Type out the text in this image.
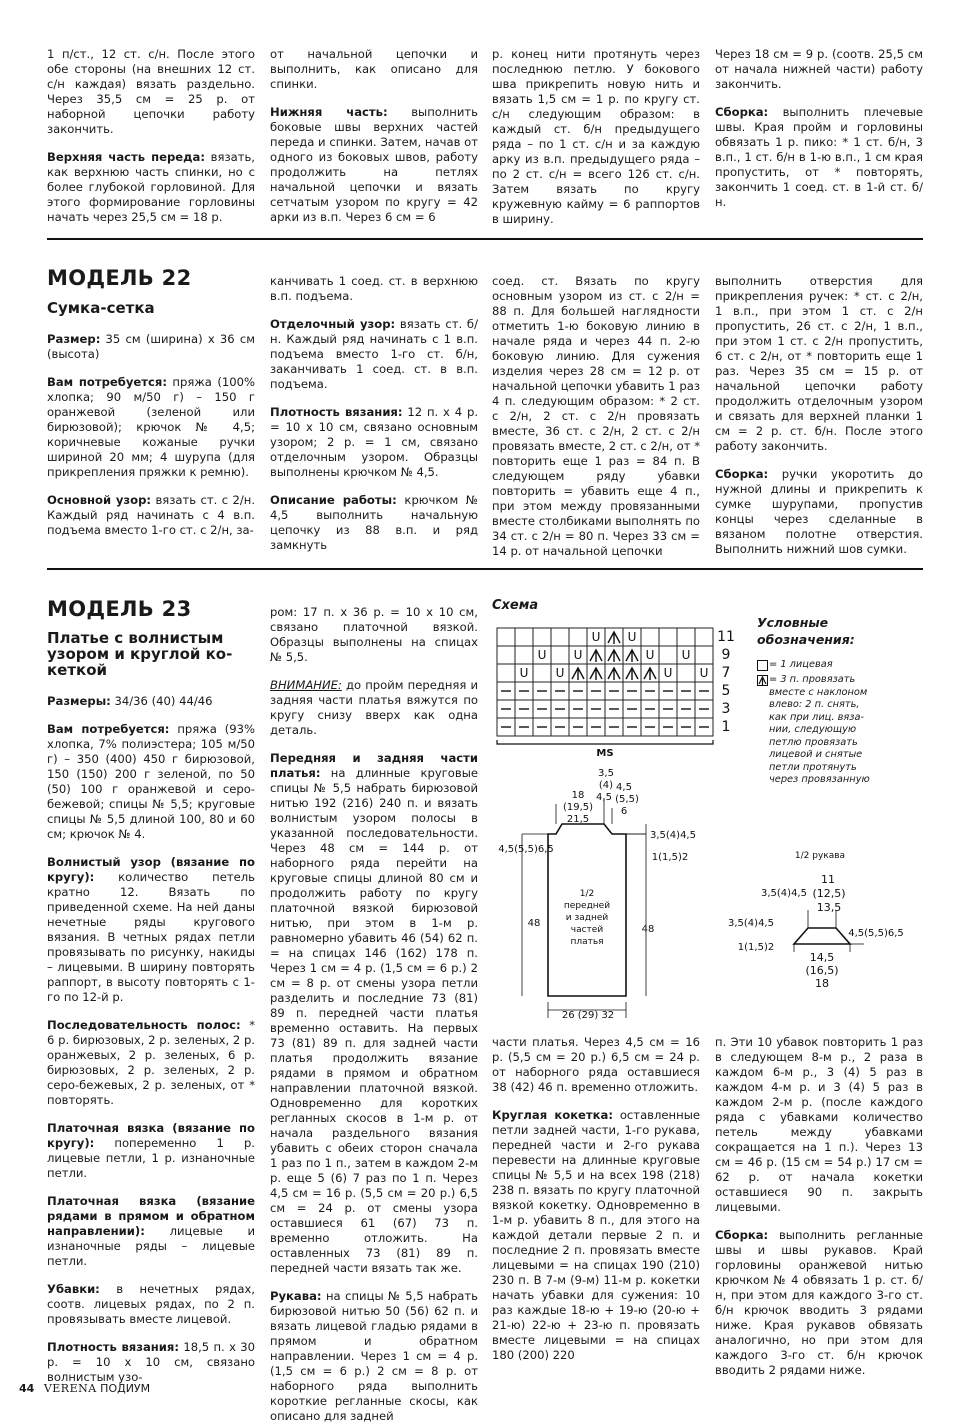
1 п/ст., 12 ст. с/н. После этого обе стороны (на внешних 12 ст. с/н каждая) вязать раздельно. Через 35,5 см = 25 р. от наборной цепочки работу закончить.

Верхняя часть переда: вязать, как верхнюю часть спинки, но с более глубокой горловиной. Для этого формирование горловины начать через 25,5 см = 18 р.

от начальной цепочки и выполнить, как описано для спинки.

Нижняя часть: выполнить боковые швы верхних частей переда и спинки. Затем, начав от одного из боковых швов, работу продолжить на петлях начальной цепочки и вязать сетчатым узором по кругу = 42 арки из в.п. Через 6 см = 6

р. конец нити протянуть через последнюю петлю. У бокового шва прикрепить новую нить и вязать 1,5 см = 1 р. по кругу ст. с/н следующим образом: в каждый ст. б/н предыдущего ряда – по 1 ст. с/н и за каждую арку из в.п. предыдущего ряда – по 2 ст. с/н = всего 126 ст. с/н. Затем вязать по кругу кружевную кайму = 6 раппортов в ширину.

Через 18 см = 9 р. (соотв. 25,5 см от начала нижней части) работу закончить.

Сборка: выполнить плечевые швы. Края пройм и горловины обвязать 1 р. пико: * 1 ст. б/н, 3 в.п., 1 ст. б/н в 1-ю в.п., 1 см края пропустить, от * повторять, закончить 1 соед. ст. в 1-й ст. б/н.

МОДЕЛЬ 22
Сумка-сетка

Размер: 35 см (ширина) х 36 см (высота)

Вам потребуется: пряжа (100% хлопка; 90 м/50 г) – 150 г оранжевой (зеленой или бирюзовой); крючок № 4,5; коричневые кожаные ручки шириной 20 мм; 4 шурупа (для прикрепления пряжки к ремню).

Основной узор: вязать ст. с 2/н. Каждый ряд начинать с 4 в.п. подъема вместо 1-го ст. с 2/н, за-

канчивать 1 соед. ст. в верхнюю в.п. подъема.

Отделочный узор: вязать ст. б/н. Каждый ряд начинать с 1 в.п. подъема вместо 1-го ст. б/н, заканчивать 1 соед. ст. в в.п. подъема.

Плотность вязания: 12 п. х 4 р. = 10 х 10 см, связано основным узором; 2 р. = 1 см, связано отделочным узором. Образцы выполнены крючком № 4,5.

Описание работы: крючком № 4,5 выполнить начальную цепочку из 88 в.п. и ряд замкнуть

соед. ст. Вязать по кругу основным узором из ст. с 2/н = 88 п. Для большей наглядности отметить 1-ю боковую линию в начале ряда и через 44 п. 2-ю боковую линию. Для сужения изделия через 28 см = 12 р. от начальной цепочки убавить 1 раз 4 п. следующим образом: * 2 ст. с 2/н, 2 ст. с 2/н провязать вместе, 36 ст. с 2/н, 2 ст. с 2/н провязать вместе, 2 ст. с 2/н, от * повторить еще 1 раз = 84 п. В следующем ряду убавки повторить = убавить еще 4 п., при этом между провязанными вместе столбиками выполнять по 34 ст. с 2/н = 80 п. Через 33 см = 14 р. от начальной цепочки

выполнить отверстия для прикрепления ручек: * ст. с 2/н, 1 в.п., при этом 1 ст. с 2/н пропустить, 26 ст. с 2/н, 1 в.п., при этом 1 ст. с 2/н пропустить, 6 ст. с 2/н, от * повторить еще 1 раз. Через 35 см = 15 р. от начальной цепочки работу продолжить отделочным узором и связать для верхней планки 1 см = 2 р. ст. б/н. После этого работу закончить.

Сборка: ручки укоротить до нужной длины и прикрепить к сумке шурупами, пропустив концы через сделанные в вязаном полотне отверстия. Выполнить нижний шов сумки.

МОДЕЛЬ 23
Платье с волнистым
узором и круглой ко-
кеткой

Размеры: 34/36 (40) 44/46

Вам потребуется: пряжа (93% хлопка, 7% полиэстера; 105 м/50 г) – 350 (400) 450 г бирюзовой, 150 (150) 200 г зеленой, по 50 (50) 100 г оранжевой и серо-бежевой; спицы № 5,5; круговые спицы № 5,5 длиной 100, 80 и 60 см; крючок № 4.

Волнистый узор (вязание по кругу): количество петель кратно 12. Вязать по приведенной схеме. На ней даны нечетные ряды кругового вязания. В четных рядах петли провязывать по рисунку, накиды – лицевыми. В ширину повторять раппорт, в высоту повторять с 1-го по 12-й р.

Последовательность полос: * 6 р. бирюзовых, 2 р. зеленых, 2 р. оранжевых, 2 р. зеленых, 6 р. бирюзовых, 2 р. зеленых, 2 р. серо-бежевых, 2 р. зеленых, от * повторять.

Платочная вязка (вязание по кругу): попеременно 1 р. лицевые петли, 1 р. изнаночные петли.

Платочная вязка (вязание рядами в прямом и обратном направлении): лицевые и изнаночные ряды – лицевые петли.

Убавки: в нечетных рядах, соотв. лицевых рядах, по 2 п. провязывать вместе лицевой.

Плотность вязания: 18,5 п. х 30 р. = 10 х 10 см, связано волнистым узо-

ром: 17 п. х 36 р. = 10 х 10 см, связано платочной вязкой. Образцы выполнены на спицах № 5,5.

ВНИМАНИЕ: до пройм передняя и задняя части платья вяжутся по кругу снизу вверх как одна деталь.

Передняя и задняя части платья: на длинные круговые спицы № 5,5 набрать бирюзовой нитью 192 (216) 240 п. и вязать волнистым узором полосы в указанной последовательности. Через 48 см = 144 р. от наборного ряда перейти на круговые спицы длиной 80 см и продолжить работу по кругу платочной вязкой бирюзовой нитью, при этом в 1-м р. равномерно убавить 46 (54) 62 п. = на спицах 146 (162) 178 п. Через 1 см = 4 р. (1,5 см = 6 р.) 2 см = 8 р. от смены узора петли разделить и последние 73 (81) 89 п. передней части платья временно оставить. На первых 73 (81) 89 п. для задней части платья продолжить вязание рядами в прямом и обратном направлении платочной вязкой. Одновременно для коротких регланных скосов в 1-м р. от начала раздельного вязания убавить с обеих сторон сначала 1 раз по 1 п., затем в каждом 2-м р. еще 5 (6) 7 раз по 1 п. Через 4,5 см = 16 р. (5,5 см = 20 р.) 6,5 см = 24 р. от смены узора оставшиеся 61 (67) 73 п. временно отложить. На оставленных 73 (81) 89 п. передней части вязать так же.

Рукава: на спицы № 5,5 набрать бирюзовой нитью 50 (56) 62 п. и вязать лицевой гладью рядами в прямом и обратном направлении. Через 1 см = 4 р. (1,5 см = 6 р.) 2 см = 8 р. от наборного ряда выполнить короткие регланные скосы, как описано для задней

части платья. Через 4,5 см = 16 р. (5,5 см = 20 р.) 6,5 см = 24 р. от наборного ряда оставшиеся 38 (42) 46 п. временно отложить.

Круглая кокетка: оставленные петли задней части, 1-го рукава, передней части и 2-го рукава перевести на длинные круговые спицы № 5,5 и на всех 198 (218) 238 п. вязать по кругу платочной вязкой кокетку. Одновременно в 1-м р. убавить 8 п., для этого на каждой детали первые 2 п. и последние 2 п. провязать вместе лицевыми = на спицах 190 (210) 230 п. В 7-м (9-м) 11-м р. кокетки начать убавки для сужения: 10 раз каждые 18-ю + 19-ю (20-ю + 21-ю) 22-ю + 23-ю п. провязать вместе лицевыми = на спицах 180 (200) 220

п. Эти 10 убавок повторить 1 раз в следующем 8-м р., 2 раза в каждом 6-м р., 3 (4) 5 раз в каждом 4-м р. и 3 (4) 5 раз в каждом 2-м р. (после каждого ряда с убавками количество петель между убавками сокращается на 1 п.). Через 13 см = 46 р. (15 см = 54 р.) 17 см = 62 р. от начала кокетки оставшиеся 90 п. закрыть лицевыми.

Сборка: выполнить регланные швы и швы рукавов. Край горловины оранжевой нитью крючком № 4 обвязать 1 р. ст. б/н, при этом для каждого 3-го ст. б/н крючок вводить 3 рядами ниже. Края рукавов обвязать аналогично, но при этом для каждого 3-го ст. б/н крючок вводить 2 рядами ниже.

Схема
U U
U U	U U
U U	U U
11
9
7
5
3
1
MS
Условные
обозначения:
= 1 лицевая
= 3 п. провязать
вместе с наклоном
влево: 2 п. снять,
как при лиц. вяза-
нии, следующую
петлю провязать
лицевой и снятые
петли протянуть
через провязанную
3,5
(4)
4,5
4,5
(5,5)
6
18
(19,5)
21,5
3,5(4)4,5
4,5(5,5)6,5
1(1,5)2
48
48
26 (29) 32
1/2
передней
и задней
частей
платья
1/2 рукава
11
3,5(4)4,5 (12,5)
13,5
3,5(4)4,5
4,5(5,5)6,5
1(1,5)2
14,5
(16,5)
18
44 VERENA ПОДИУМ
